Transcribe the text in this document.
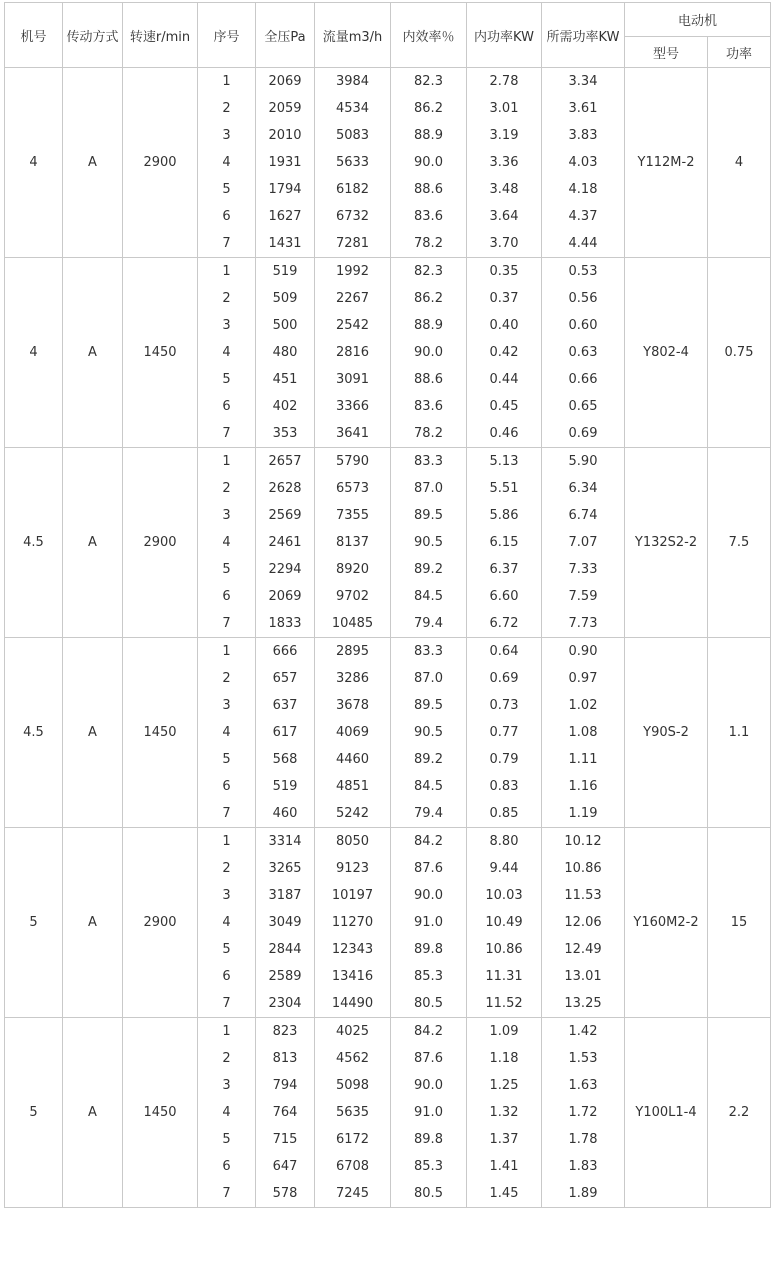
机号	传动方式	转速r/min	序号	全压Pa	流量m3/h	内效率％	内功率KW	所需功率KW	电动机	
									型号	功率
4	A	2900	1	2069	3984	82.3	2.78	3.34	Y112M-2	4
			2	2059	4534	86.2	3.01	3.61		
			3	2010	5083	88.9	3.19	3.83		
			4	1931	5633	90.0	3.36	4.03		
			5	1794	6182	88.6	3.48	4.18		
			6	1627	6732	83.6	3.64	4.37		
			7	1431	7281	78.2	3.70	4.44		
4	A	1450	1	519	1992	82.3	0.35	0.53	Y802-4	0.75
			2	509	2267	86.2	0.37	0.56		
			3	500	2542	88.9	0.40	0.60		
			4	480	2816	90.0	0.42	0.63		
			5	451	3091	88.6	0.44	0.66		
			6	402	3366	83.6	0.45	0.65		
			7	353	3641	78.2	0.46	0.69		
4.5	A	2900	1	2657	5790	83.3	5.13	5.90	Y132S2-2	7.5
			2	2628	6573	87.0	5.51	6.34		
			3	2569	7355	89.5	5.86	6.74		
			4	2461	8137	90.5	6.15	7.07		
			5	2294	8920	89.2	6.37	7.33		
			6	2069	9702	84.5	6.60	7.59		
			7	1833	10485	79.4	6.72	7.73		
4.5	A	1450	1	666	2895	83.3	0.64	0.90	Y90S-2	1.1
			2	657	3286	87.0	0.69	0.97		
			3	637	3678	89.5	0.73	1.02		
			4	617	4069	90.5	0.77	1.08		
			5	568	4460	89.2	0.79	1.11		
			6	519	4851	84.5	0.83	1.16		
			7	460	5242	79.4	0.85	1.19		
5	A	2900	1	3314	8050	84.2	8.80	10.12	Y160M2-2	15
			2	3265	9123	87.6	9.44	10.86		
			3	3187	10197	90.0	10.03	11.53		
			4	3049	11270	91.0	10.49	12.06		
			5	2844	12343	89.8	10.86	12.49		
			6	2589	13416	85.3	11.31	13.01		
			7	2304	14490	80.5	11.52	13.25		
5	A	1450	1	823	4025	84.2	1.09	1.42	Y100L1-4	2.2
			2	813	4562	87.6	1.18	1.53		
			3	794	5098	90.0	1.25	1.63		
			4	764	5635	91.0	1.32	1.72		
			5	715	6172	89.8	1.37	1.78		
			6	647	6708	85.3	1.41	1.83		
			7	578	7245	80.5	1.45	1.89		
